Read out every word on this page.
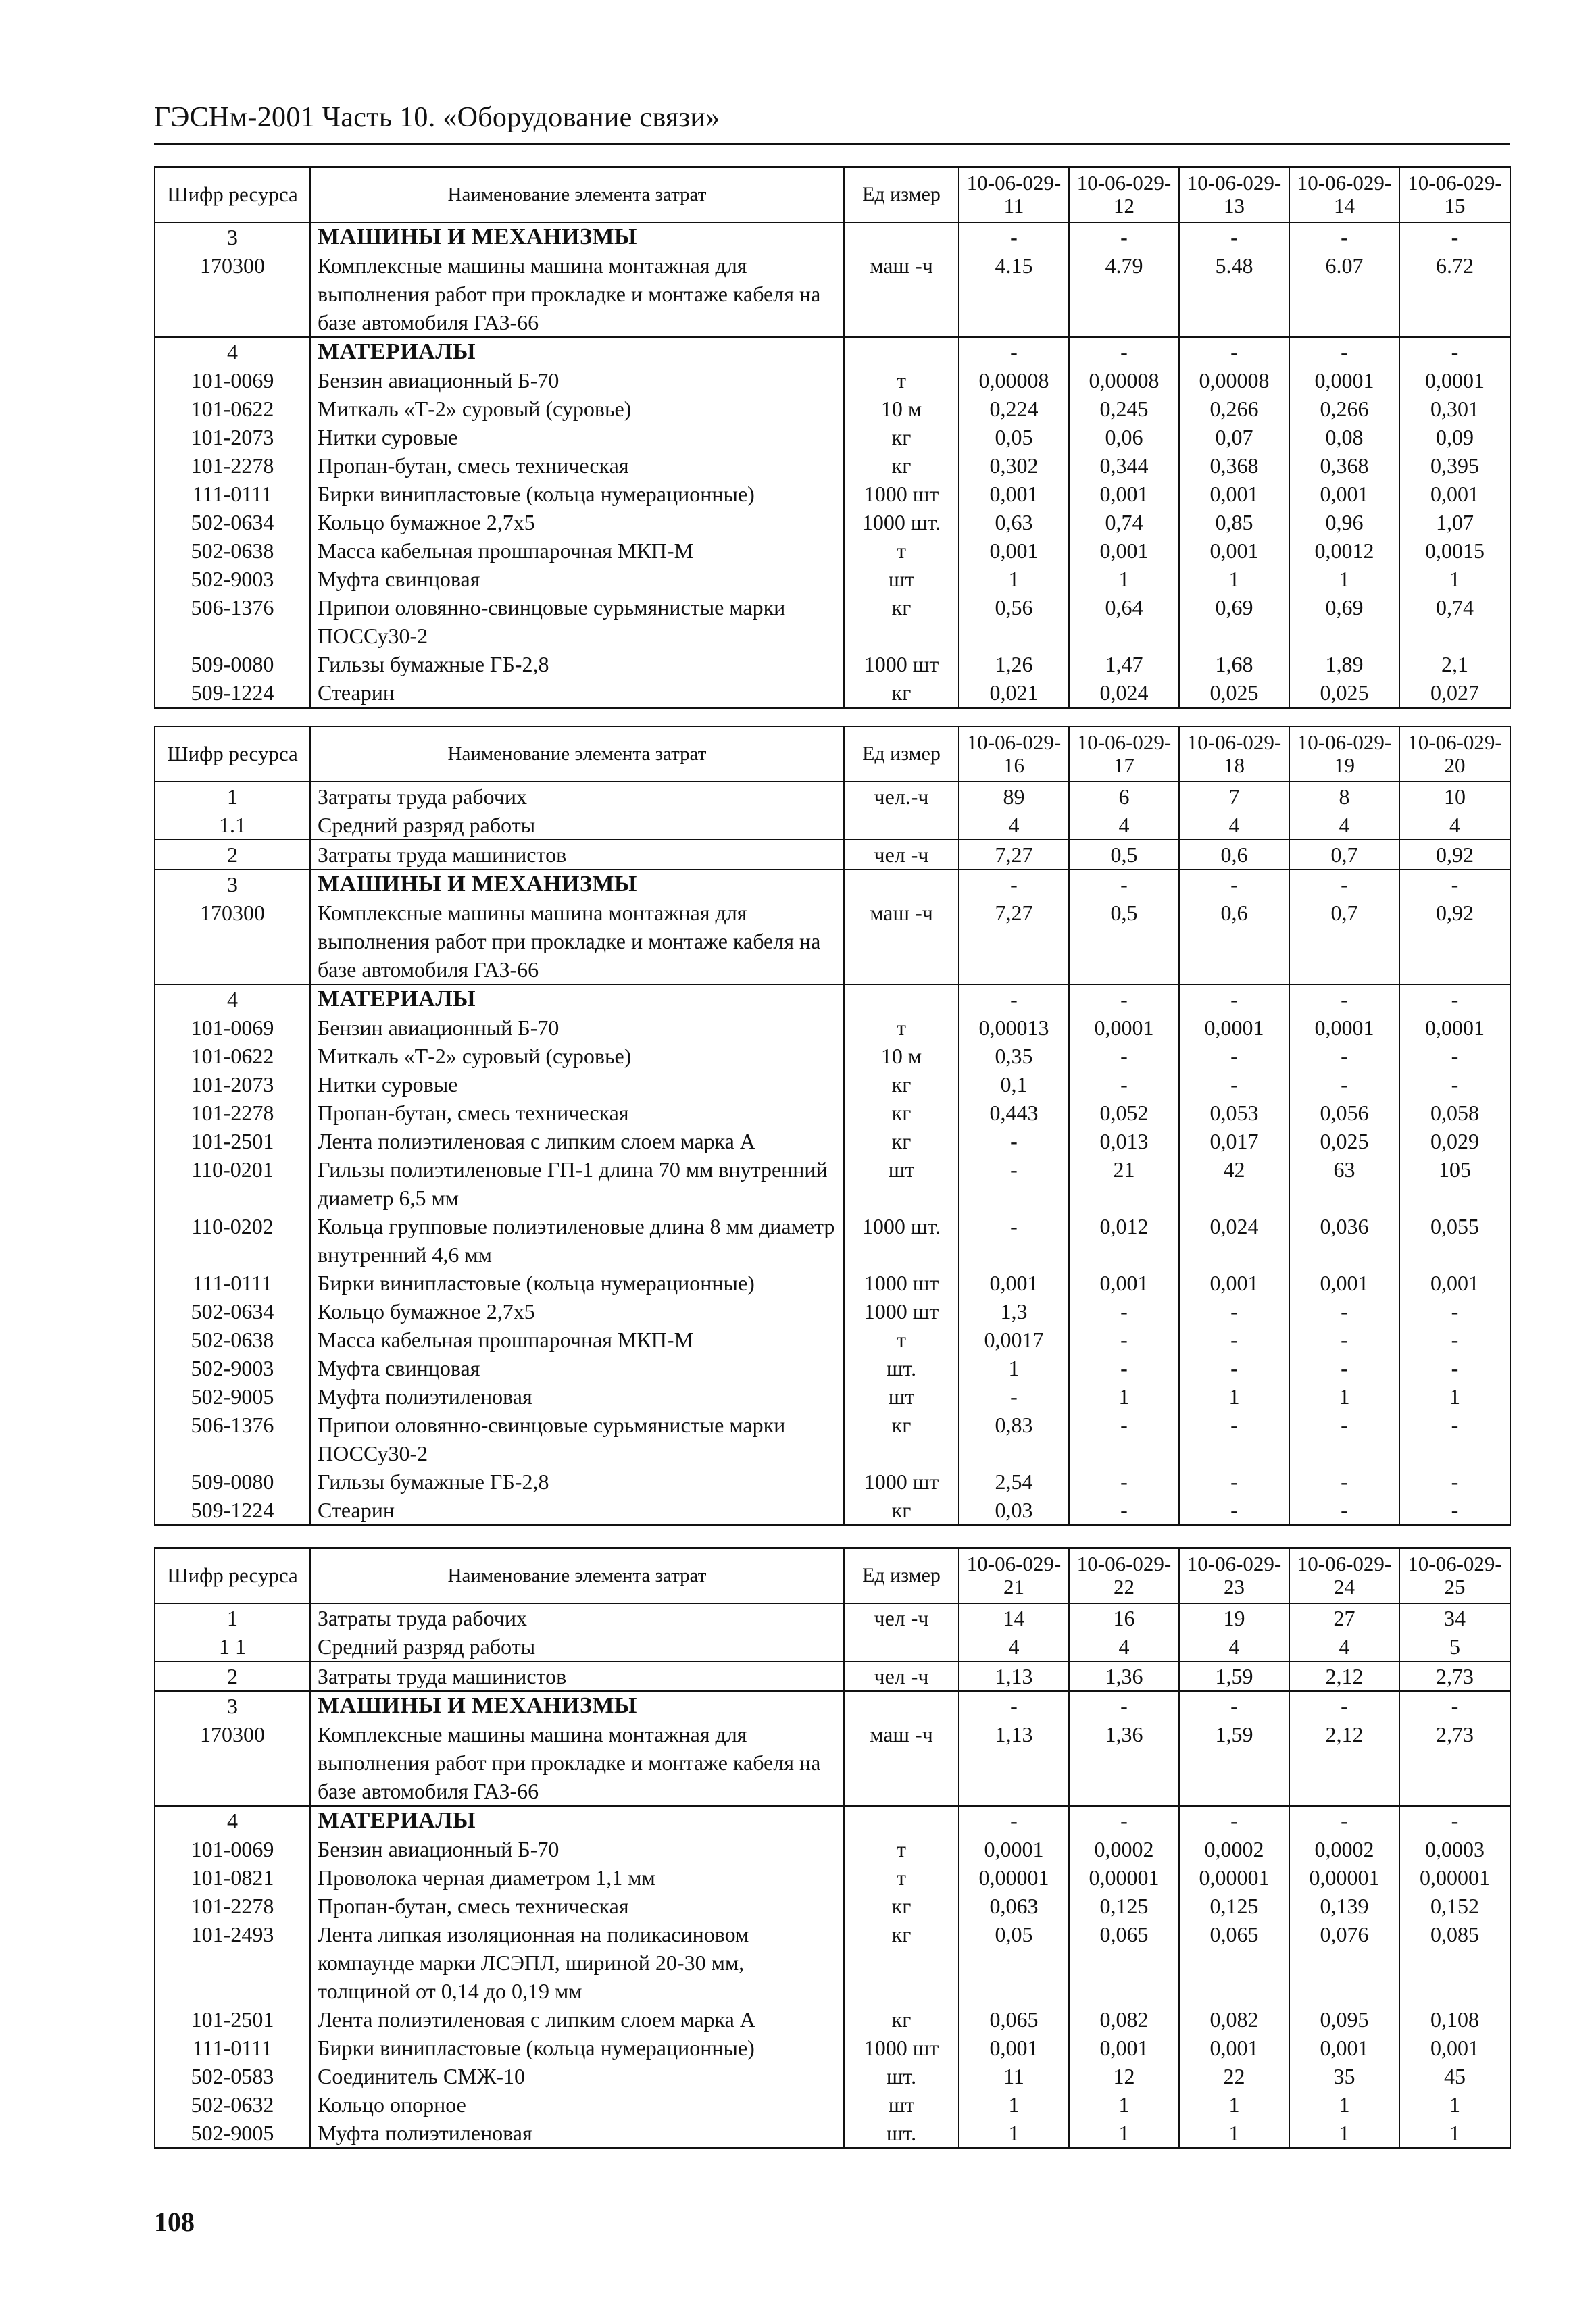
ГЭСНм-2001 Часть 10. «Оборудование связи»
Шифр ресурса	Наименование элемента затрат	Ед измер	10-06-029-11	10-06-029-12	10-06-029-13	10-06-029-14	10-06-029-15
3	МАШИНЫ И МЕХАНИЗМЫ		-	-	-	-	-
170300	Комплексные машины машина монтажная для выполнения работ при прокладке и монтаже кабеля на базе автомобиля ГАЗ-66	маш -ч	4.15	4.79	5.48	6.07	6.72
4	МАТЕРИАЛЫ		-	-	-	-	-
101-0069	Бензин авиационный Б-70	т	0,00008	0,00008	0,00008	0,0001	0,0001
101-0622	Миткаль «Т-2» суровый (суровье)	10 м	0,224	0,245	0,266	0,266	0,301
101-2073	Нитки суровые	кг	0,05	0,06	0,07	0,08	0,09
101-2278	Пропан-бутан, смесь техническая	кг	0,302	0,344	0,368	0,368	0,395
111-0111	Бирки винипластовые (кольца нумерационные)	1000 шт	0,001	0,001	0,001	0,001	0,001
502-0634	Кольцо бумажное 2,7х5	1000 шт.	0,63	0,74	0,85	0,96	1,07
502-0638	Масса кабельная прошпарочная МКП-М	т	0,001	0,001	0,001	0,0012	0,0015
502-9003	Муфта свинцовая	шт	1	1	1	1	1
506-1376	Припои оловянно-свинцовые сурьмянистые марки ПОССу30-2	кг	0,56	0,64	0,69	0,69	0,74
509-0080	Гильзы бумажные ГБ-2,8	1000 шт	1,26	1,47	1,68	1,89	2,1
509-1224	Стеарин	кг	0,021	0,024	0,025	0,025	0,027
Шифр ресурса	Наименование элемента затрат	Ед измер	10-06-029-16	10-06-029-17	10-06-029-18	10-06-029-19	10-06-029-20
1	Затраты труда рабочих	чел.-ч	89	6	7	8	10
1.1	Средний разряд работы		4	4	4	4	4
2	Затраты труда машинистов	чел -ч	7,27	0,5	0,6	0,7	0,92
3	МАШИНЫ И МЕХАНИЗМЫ		-	-	-	-	-
170300	Комплексные машины машина монтажная для выполнения работ при прокладке и монтаже кабеля на базе автомобиля ГАЗ-66	маш -ч	7,27	0,5	0,6	0,7	0,92
4	МАТЕРИАЛЫ		-	-	-	-	-
101-0069	Бензин авиационный Б-70	т	0,00013	0,0001	0,0001	0,0001	0,0001
101-0622	Миткаль «Т-2» суровый (суровье)	10 м	0,35	-	-	-	-
101-2073	Нитки суровые	кг	0,1	-	-	-	-
101-2278	Пропан-бутан, смесь техническая	кг	0,443	0,052	0,053	0,056	0,058
101-2501	Лента полиэтиленовая с липким слоем марка А	кг	-	0,013	0,017	0,025	0,029
110-0201	Гильзы полиэтиленовые ГП-1 длина 70 мм внутренний диаметр 6,5 мм	шт	-	21	42	63	105
110-0202	Кольца групповые полиэтиленовые длина 8 мм диаметр внутренний 4,6 мм	1000 шт.	-	0,012	0,024	0,036	0,055
111-0111	Бирки винипластовые (кольца нумерационные)	1000 шт	0,001	0,001	0,001	0,001	0,001
502-0634	Кольцо бумажное 2,7х5	1000 шт	1,3	-	-	-	-
502-0638	Масса кабельная прошпарочная МКП-М	т	0,0017	-	-	-	-
502-9003	Муфта свинцовая	шт.	1	-	-	-	-
502-9005	Муфта полиэтиленовая	шт	-	1	1	1	1
506-1376	Припои оловянно-свинцовые сурьмянистые марки ПОССу30-2	кг	0,83	-	-	-	-
509-0080	Гильзы бумажные ГБ-2,8	1000 шт	2,54	-	-	-	-
509-1224	Стеарин	кг	0,03	-	-	-	-
Шифр ресурса	Наименование элемента затрат	Ед измер	10-06-029-21	10-06-029-22	10-06-029-23	10-06-029-24	10-06-029-25
1	Затраты труда рабочих	чел -ч	14	16	19	27	34
1 1	Средний разряд работы		4	4	4	4	5
2	Затраты труда машинистов	чел -ч	1,13	1,36	1,59	2,12	2,73
3	МАШИНЫ И МЕХАНИЗМЫ		-	-	-	-	-
170300	Комплексные машины машина монтажная для выполнения работ при прокладке и монтаже кабеля на базе автомобиля ГАЗ-66	маш -ч	1,13	1,36	1,59	2,12	2,73
4	МАТЕРИАЛЫ		-	-	-	-	-
101-0069	Бензин авиационный Б-70	т	0,0001	0,0002	0,0002	0,0002	0,0003
101-0821	Проволока черная диаметром 1,1 мм	т	0,00001	0,00001	0,00001	0,00001	0,00001
101-2278	Пропан-бутан, смесь техническая	кг	0,063	0,125	0,125	0,139	0,152
101-2493	Лента липкая изоляционная на поликасиновом компаунде марки ЛСЭПЛ, шириной 20-30 мм, толщиной от 0,14 до 0,19 мм	кг	0,05	0,065	0,065	0,076	0,085
101-2501	Лента полиэтиленовая с липким слоем марка А	кг	0,065	0,082	0,082	0,095	0,108
111-0111	Бирки винипластовые (кольца нумерационные)	1000 шт	0,001	0,001	0,001	0,001	0,001
502-0583	Соединитель СМЖ-10	шт.	11	12	22	35	45
502-0632	Кольцо опорное	шт	1	1	1	1	1
502-9005	Муфта полиэтиленовая	шт.	1	1	1	1	1
108
